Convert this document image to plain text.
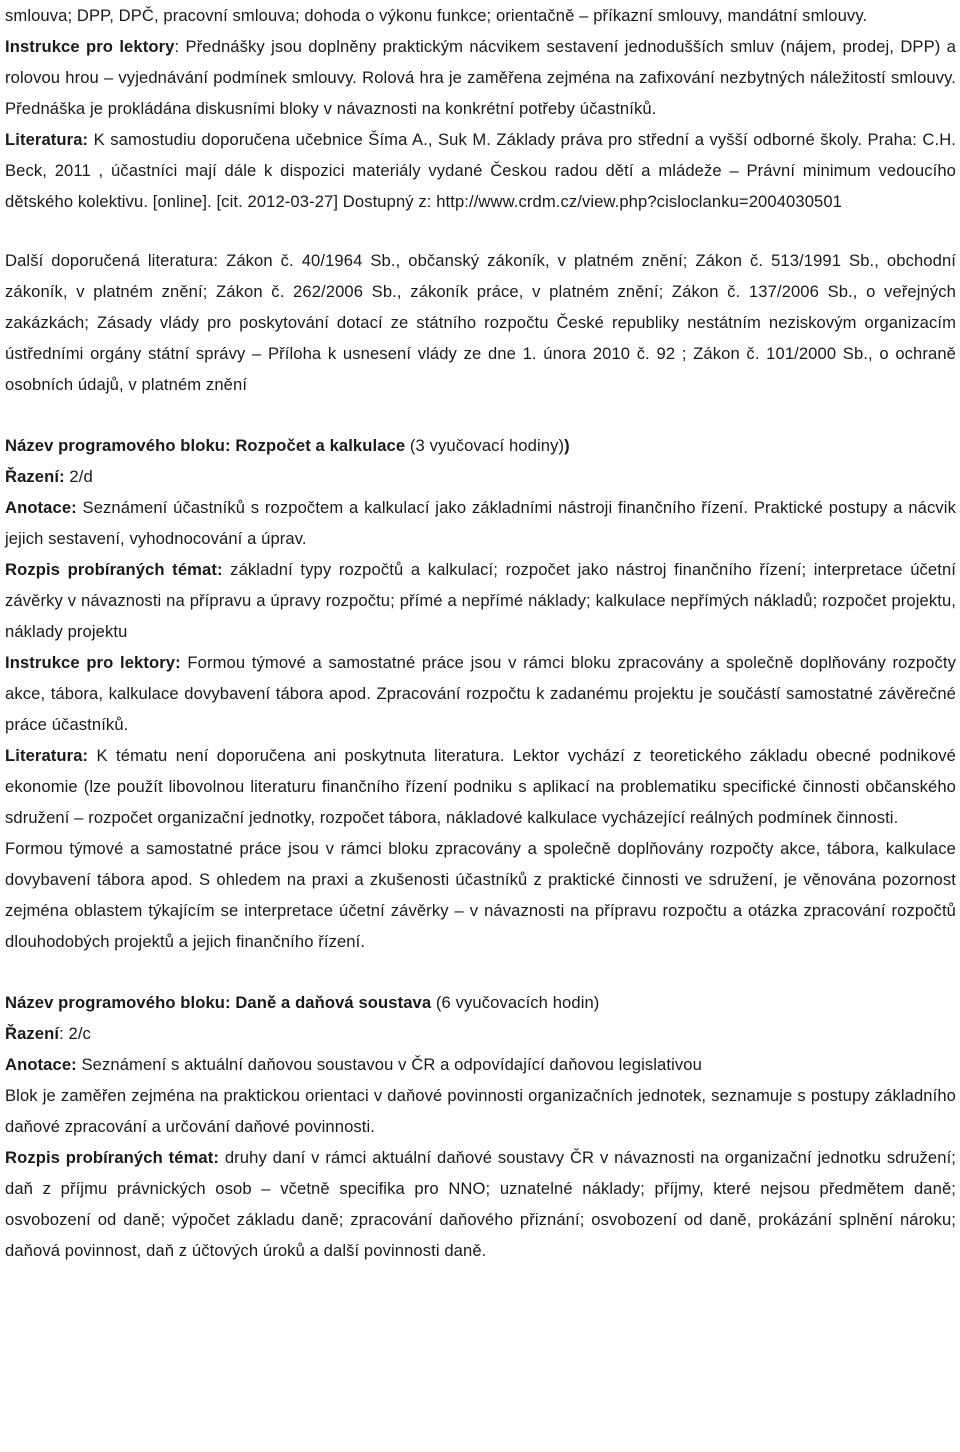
smlouva; DPP, DPČ, pracovní smlouva; dohoda o výkonu funkce; orientačně – příkazní smlouvy, mandátní smlouvy.

Instrukce pro lektory: Přednášky jsou doplněny praktickým nácvikem sestavení jednodušších smluv (nájem, prodej, DPP) a rolovou hrou – vyjednávání podmínek smlouvy. Rolová hra je zaměřena zejména na zafixování nezbytných náležitostí smlouvy. Přednáška je prokládána diskusními bloky v návaznosti na konkrétní potřeby účastníků.

Literatura: K samostudiu doporučena učebnice Šíma A., Suk M. Základy práva pro střední a vyšší odborné školy. Praha: C.H. Beck, 2011 , účastníci mají dále k dispozici materiály vydané Českou radou dětí a mládeže – Právní minimum vedoucího dětského kolektivu. [online]. [cit. 2012-03-27] Dostupný z: http://www.crdm.cz/view.php?cisloclanku=2004030501

Další doporučená literatura: Zákon č. 40/1964 Sb., občanský zákoník, v platném znění; Zákon č. 513/1991 Sb., obchodní zákoník, v platném znění; Zákon č. 262/2006 Sb., zákoník práce, v platném znění; Zákon č. 137/2006 Sb., o veřejných zakázkách; Zásady vlády pro poskytování dotací ze státního rozpočtu České republiky nestátním neziskovým organizacím ústředními orgány státní správy – Příloha k usnesení vlády ze dne 1. února 2010 č. 92 ; Zákon č. 101/2000 Sb., o ochraně osobních údajů, v platném znění

Název programového bloku: Rozpočet a kalkulace (3 vyučovací hodiny))

Řazení: 2/d

Anotace: Seznámení účastníků s rozpočtem a kalkulací jako základními nástroji finančního řízení. Praktické postupy a nácvik jejich sestavení, vyhodnocování a úprav.

Rozpis probíraných témat: základní typy rozpočtů a kalkulací; rozpočet jako nástroj finančního řízení; interpretace účetní závěrky v návaznosti na přípravu a úpravy rozpočtu; přímé a nepřímé náklady; kalkulace nepřímých nákladů; rozpočet projektu, náklady projektu

Instrukce pro lektory: Formou týmové a samostatné práce jsou v rámci bloku zpracovány a společně doplňovány rozpočty akce, tábora, kalkulace dovybavení tábora apod. Zpracování rozpočtu k zadanému projektu je součástí samostatné závěrečné práce účastníků.

Literatura: K tématu není doporučena ani poskytnuta literatura. Lektor vychází z teoretického základu obecné podnikové ekonomie (lze použít libovolnou literaturu finančního řízení podniku s aplikací na problematiku specifické činnosti občanského sdružení – rozpočet organizační jednotky, rozpočet tábora, nákladové kalkulace vycházející reálných podmínek činnosti.

Formou týmové a samostatné práce jsou v rámci bloku zpracovány a společně doplňovány rozpočty akce, tábora, kalkulace dovybavení tábora apod. S ohledem na praxi a zkušenosti účastníků z praktické činnosti ve sdružení, je věnována pozornost zejména oblastem týkajícím se interpretace účetní závěrky – v návaznosti na přípravu rozpočtu a otázka zpracování rozpočtů dlouhodobých projektů a jejich finančního řízení.

Název programového bloku: Daně a daňová soustava (6 vyučovacích hodin)

Řazení: 2/c

Anotace: Seznámení s aktuální daňovou soustavou v ČR a odpovídající daňovou legislativou

Blok je zaměřen zejména na praktickou orientaci v daňové povinnosti organizačních jednotek, seznamuje s postupy základního daňové zpracování a určování daňové povinnosti.

Rozpis probíraných témat: druhy daní v rámci aktuální daňové soustavy ČR v návaznosti na organizační jednotku sdružení; daň z příjmu právnických osob – včetně specifika pro NNO; uznatelné náklady; příjmy, které nejsou předmětem daně; osvobození od daně; výpočet základu daně; zpracování daňového přiznání; osvobození od daně, prokázání splnění nároku; daňová povinnost, daň z účtových úroků a další povinnosti daně.
